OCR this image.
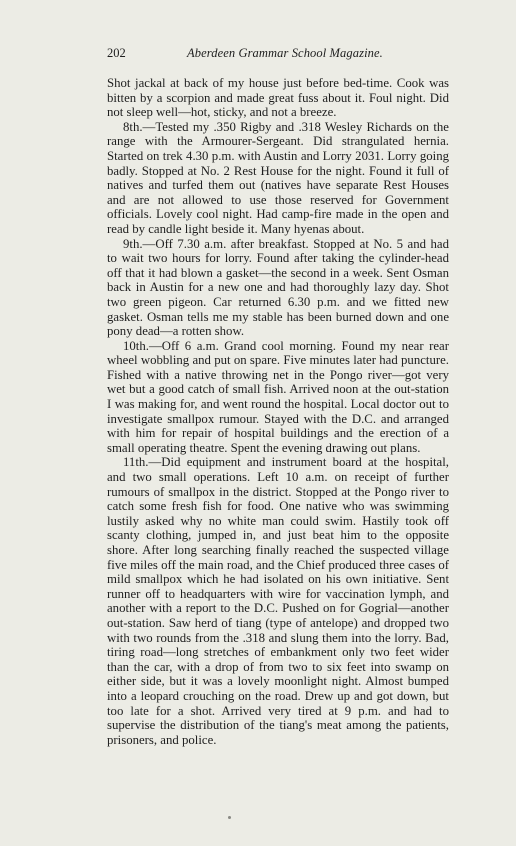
202	Aberdeen Grammar School Magazine.

Shot jackal at back of my house just before bed-time. Cook was bitten by a scorpion and made great fuss about it. Foul night. Did not sleep well—hot, sticky, and not a breeze.

8th.—Tested my .350 Rigby and .318 Wesley Richards on the range with the Armourer-Sergeant. Did strangulated hernia. Started on trek 4.30 p.m. with Austin and Lorry 2031. Lorry going badly. Stopped at No. 2 Rest House for the night. Found it full of natives and turfed them out (natives have separate Rest Houses and are not allowed to use those reserved for Government officials. Lovely cool night. Had camp-fire made in the open and read by candle light beside it. Many hyenas about.

9th.—Off 7.30 a.m. after breakfast. Stopped at No. 5 and had to wait two hours for lorry. Found after taking the cylinder-head off that it had blown a gasket—the second in a week. Sent Osman back in Austin for a new one and had thoroughly lazy day. Shot two green pigeon. Car returned 6.30 p.m. and we fitted new gasket. Osman tells me my stable has been burned down and one pony dead—a rotten show.

10th.—Off 6 a.m. Grand cool morning. Found my near rear wheel wobbling and put on spare. Five minutes later had puncture. Fished with a native throwing net in the Pongo river—got very wet but a good catch of small fish. Arrived noon at the out-station I was making for, and went round the hospital. Local doctor out to investigate smallpox rumour. Stayed with the D.C. and arranged with him for repair of hospital buildings and the erection of a small operating theatre. Spent the evening drawing out plans.

11th.—Did equipment and instrument board at the hospital, and two small operations. Left 10 a.m. on receipt of further rumours of smallpox in the district. Stopped at the Pongo river to catch some fresh fish for food. One native who was swimming lustily asked why no white man could swim. Hastily took off scanty clothing, jumped in, and just beat him to the opposite shore. After long searching finally reached the suspected village five miles off the main road, and the Chief produced three cases of mild smallpox which he had isolated on his own initiative. Sent runner off to headquarters with wire for vaccination lymph, and another with a report to the D.C. Pushed on for Gogrial—another out-station. Saw herd of tiang (type of antelope) and dropped two with two rounds from the .318 and slung them into the lorry. Bad, tiring road—long stretches of embankment only two feet wider than the car, with a drop of from two to six feet into swamp on either side, but it was a lovely moonlight night. Almost bumped into a leopard crouching on the road. Drew up and got down, but too late for a shot. Arrived very tired at 9 p.m. and had to supervise the distribution of the tiang's meat among the patients, prisoners, and police.
